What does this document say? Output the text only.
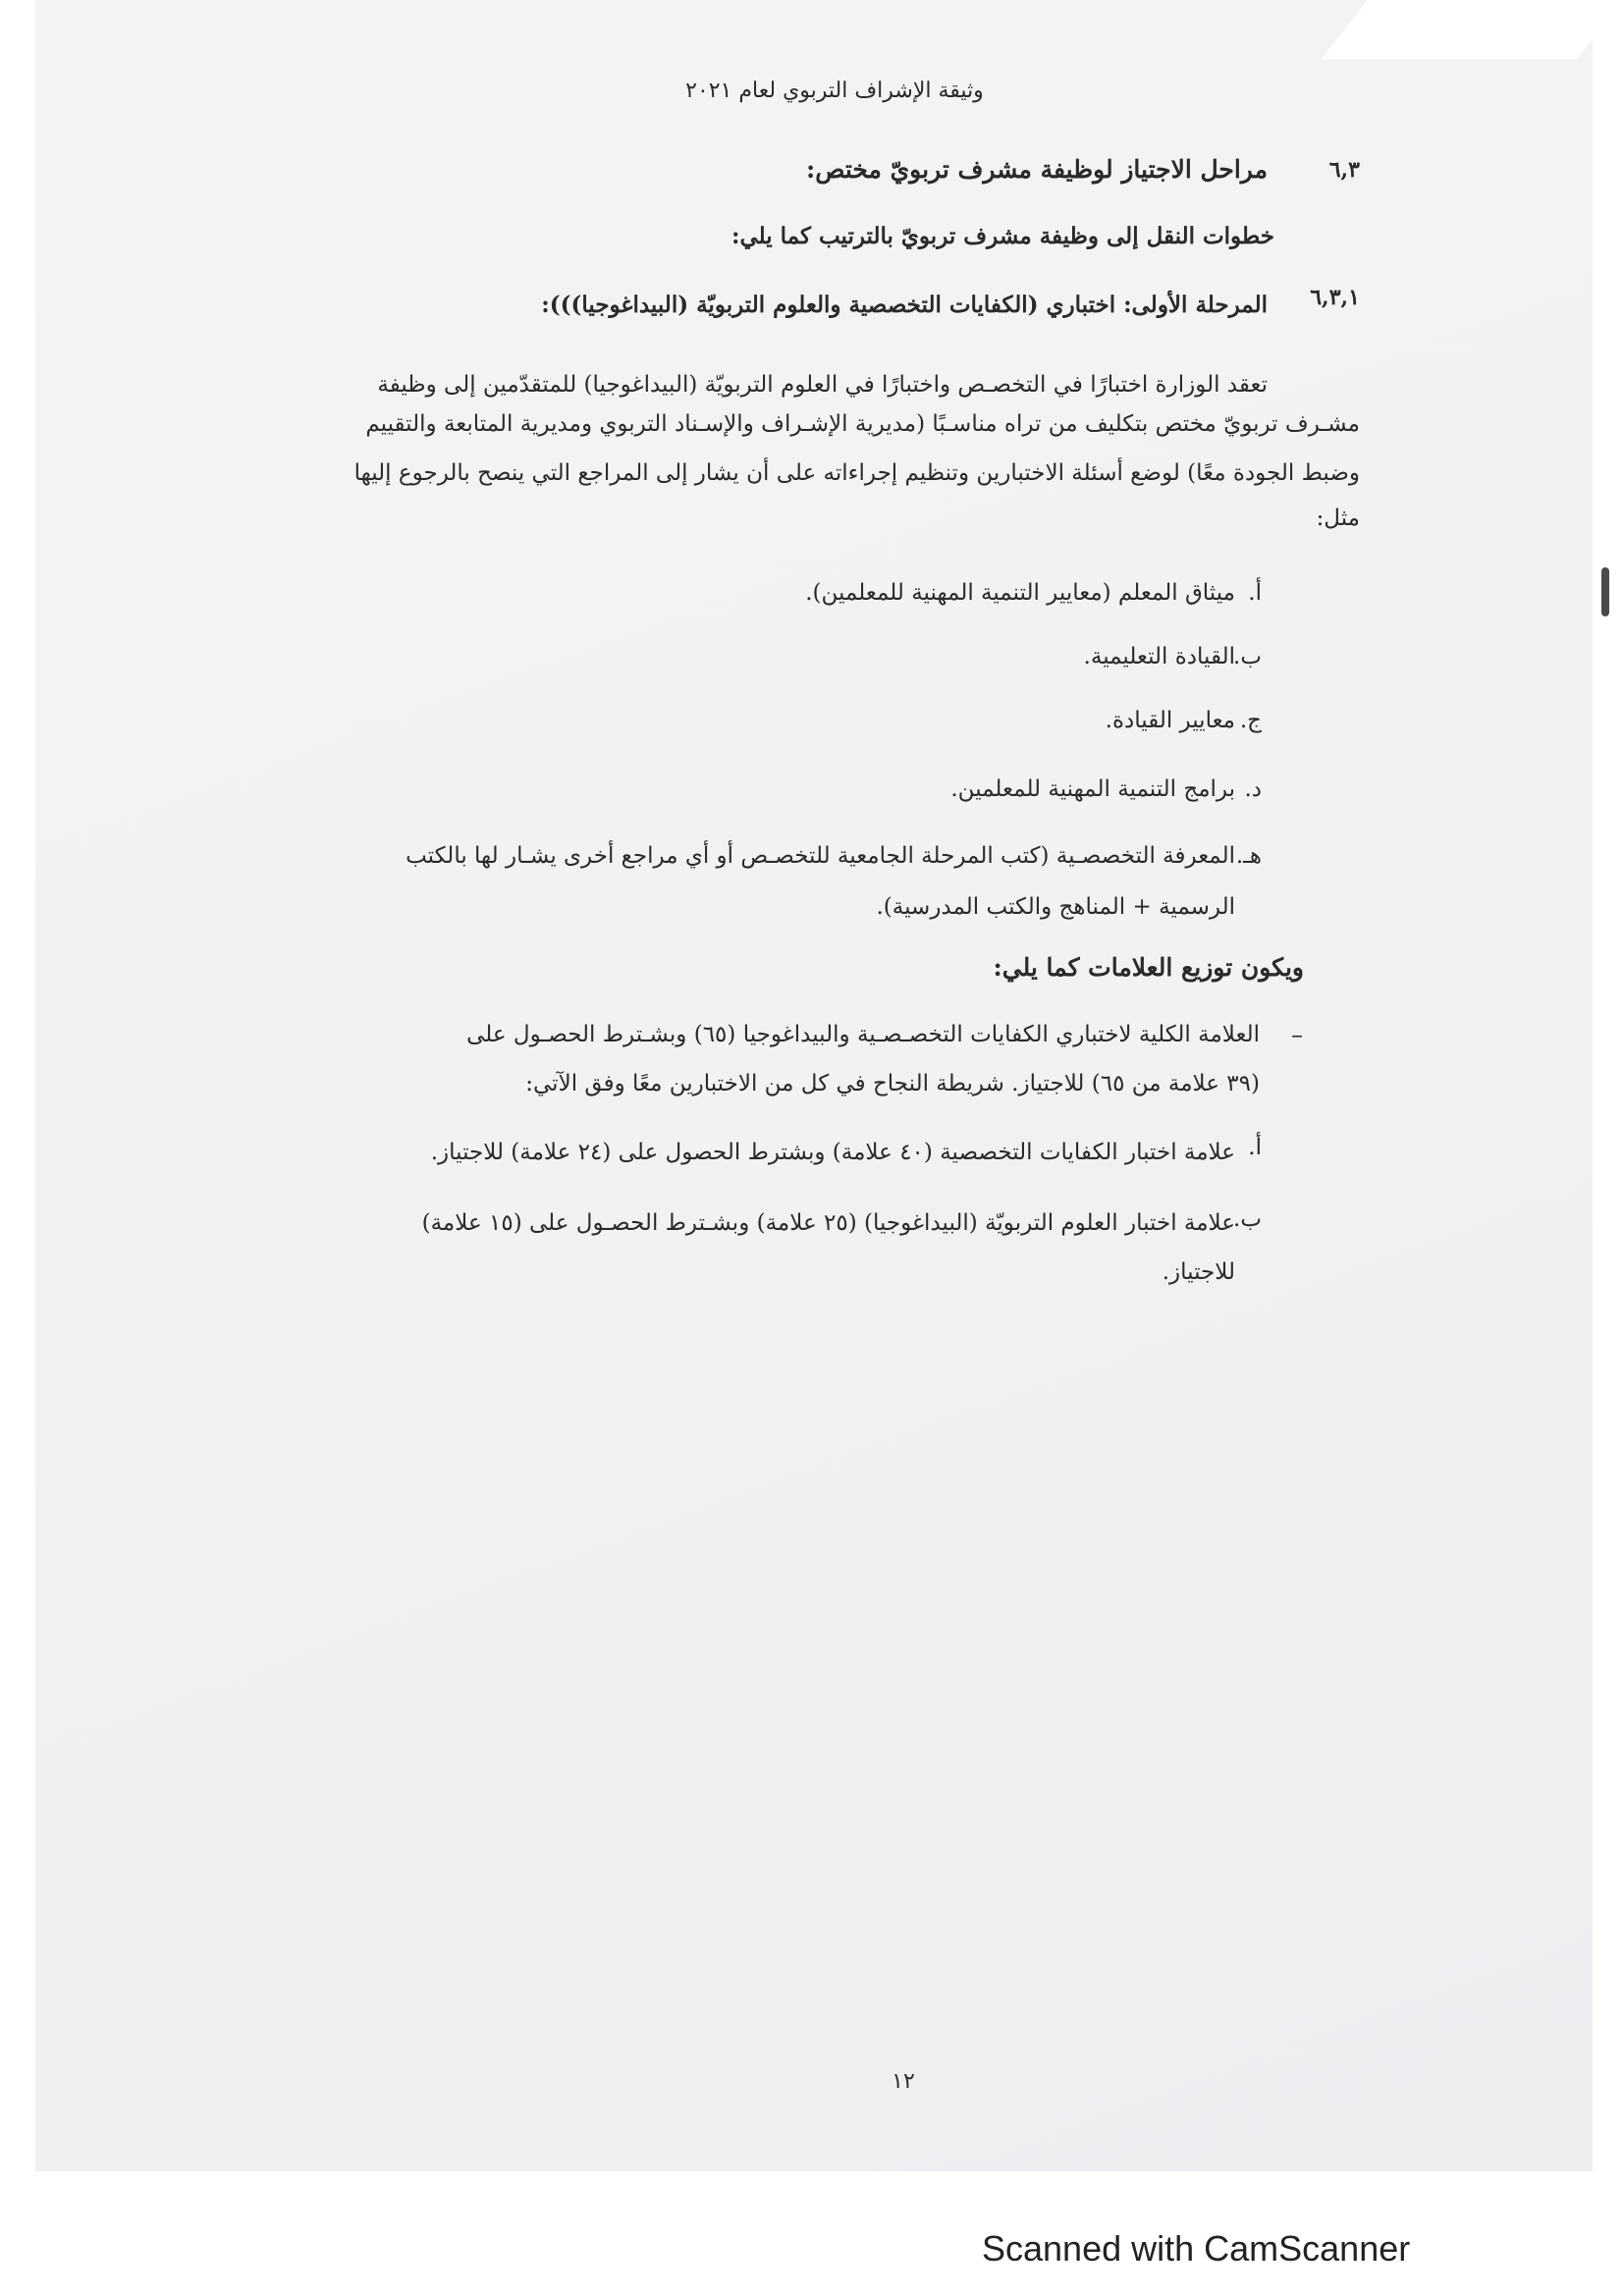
وثيقة الإشراف التربوي لعام ٢٠٢١
٦,٣
مراحل الاجتياز لوظيفة مشرف تربويّ مختص:
خطوات النقل إلى وظيفة مشرف تربويّ بالترتيب كما يلي:
٦,٣,١
المرحلة الأولى: اختباري (الكفايات التخصصية والعلوم التربويّة (البيداغوجيا))):
تعقد الوزارة اختبارًا في التخصـص واختبارًا في العلوم التربويّة (البيداغوجيا) للمتقدّمين إلى وظيفة
مشـرف تربويّ مختص بتكليف من تراه مناسـبًا (مديرية الإشـراف والإسـناد التربوي ومديرية المتابعة والتقييم
وضبط الجودة معًا) لوضع أسئلة الاختبارين وتنظيم إجراءاته على أن يشار إلى المراجع التي ينصح بالرجوع إليها
مثل:
أ.
ميثاق المعلم (معايير التنمية المهنية للمعلمين).
ب.
القيادة التعليمية.
ج.
معايير القيادة.
د.
برامج التنمية المهنية للمعلمين.
هـ.
المعرفة التخصصـية (كتب المرحلة الجامعية للتخصـص أو أي مراجع أخرى يشـار لها بالكتب
الرسمية + المناهج والكتب المدرسية).
ويكون توزيع العلامات كما يلي:
–
العلامة الكلية لاختباري الكفايات التخصـصـية والبيداغوجيا (٦٥) وبشـترط الحصـول على
(٣٩ علامة من ٦٥) للاجتياز. شريطة النجاح في كل من الاختبارين معًا وفق الآتي:
أ.
علامة اختبار الكفايات التخصصية (٤٠ علامة) وبشترط الحصول على (٢٤ علامة) للاجتياز.
ب.
علامة اختبار العلوم التربويّة (البيداغوجيا) (٢٥ علامة) وبشـترط الحصـول على (١٥ علامة)
للاجتياز.
١٢
Scanned with CamScanner
